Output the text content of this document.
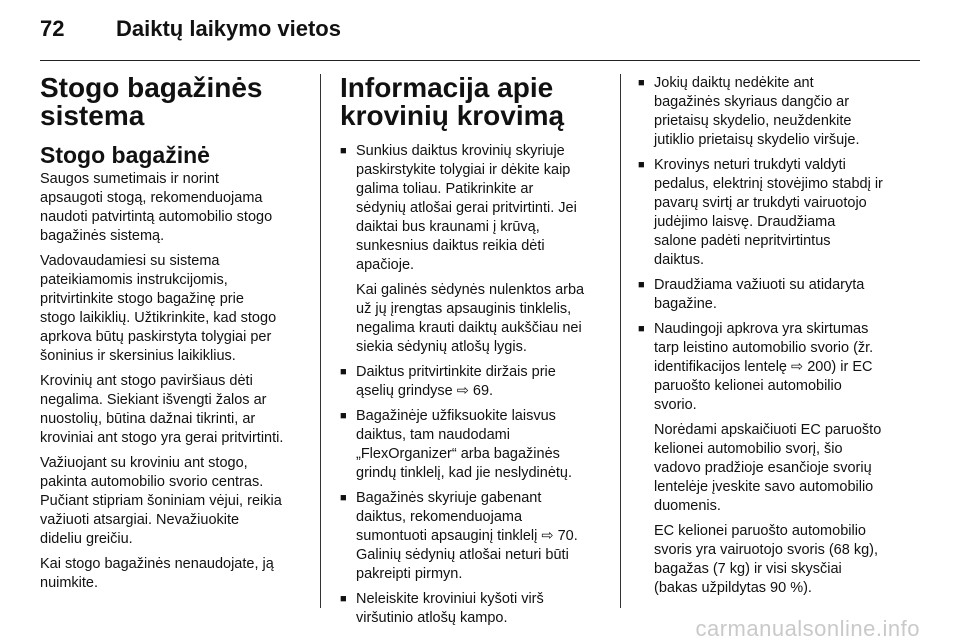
72 Daiktų laikymo vietos
Stogo bagažinės
sistema
Stogo bagažinė

Saugos sumetimais ir norint
apsaugoti stogą, rekomenduojama
naudoti patvirtintą automobilio stogo
bagažinės sistemą.

Vadovaudamiesi su sistema
pateikiamomis instrukcijomis,
pritvirtinkite stogo bagažinę prie
stogo laikiklių. Užtikrinkite, kad stogo
aprkova būtų paskirstyta tolygiai per
šoninius ir skersinius laikiklius.

Krovinių ant stogo paviršiaus dėti
negalima. Siekiant išvengti žalos ar
nuostolių, būtina dažnai tikrinti, ar
kroviniai ant stogo yra gerai pritvirtinti.

Važiuojant su kroviniu ant stogo,
pakinta automobilio svorio centras.
Pučiant stipriam šoniniam vėjui, reikia
važiuoti atsargiai. Nevažiuokite
dideliu greičiu.

Kai stogo bagažinės nenaudojate, ją
nuimkite.

Informacija apie
krovinių krovimą
■ Sunkius daiktus krovinių skyriuje
paskirstykite tolygiai ir dėkite kaip
galima toliau. Patikrinkite ar
sėdynių atlošai gerai pritvirtinti. Jei
daiktai bus kraunami į krūvą,
sunkesnius daiktus reikia dėti
apačioje.

Kai galinės sėdynės nulenktos arba
už jų įrengtas apsauginis tinklelis,
negalima krauti daiktų aukščiau nei
siekia sėdynių atlošų lygis.

■ Daiktus pritvirtinkite diržais prie
ąselių grindyse ⇨ 69.

■ Bagažinėje užfiksuokite laisvus
daiktus, tam naudodami
„FlexOrganizer“ arba bagažinės
grindų tinklelį, kad jie neslydinėtų.

■ Bagažinės skyriuje gabenant
daiktus, rekomenduojama
sumontuoti apsauginį tinklelį ⇨ 70.
Galinių sėdynių atlošai neturi būti
pakreipti pirmyn.

■ Neleiskite kroviniui kyšoti virš
viršutinio atlošų kampo.

■ Jokių daiktų nedėkite ant
bagažinės skyriaus dangčio ar
prietaisų skydelio, neuždenkite
jutiklio prietaisų skydelio viršuje.

■ Krovinys neturi trukdyti valdyti
pedalus, elektrinį stovėjimo stabdį ir
pavarų svirtį ar trukdyti vairuotojo
judėjimo laisvę. Draudžiama
salone padėti nepritvirtintus
daiktus.

■ Draudžiama važiuoti su atidaryta
bagažine.

■ Naudingoji apkrova yra skirtumas
tarp leistino automobilio svorio (žr.
identifikacijos lentelę ⇨ 200) ir EC
paruošto kelionei automobilio
svorio.

Norėdami apskaičiuoti EC paruošto
kelionei automobilio svorį, šio
vadovo pradžioje esančioje svorių
lentelėje įveskite savo automobilio
duomenis.

EC kelionei paruošto automobilio
svoris yra vairuotojo svoris (68 kg),
bagažas (7 kg) ir visi skysčiai
(bakas užpildytas 90 %).

carmanualsonline.info
